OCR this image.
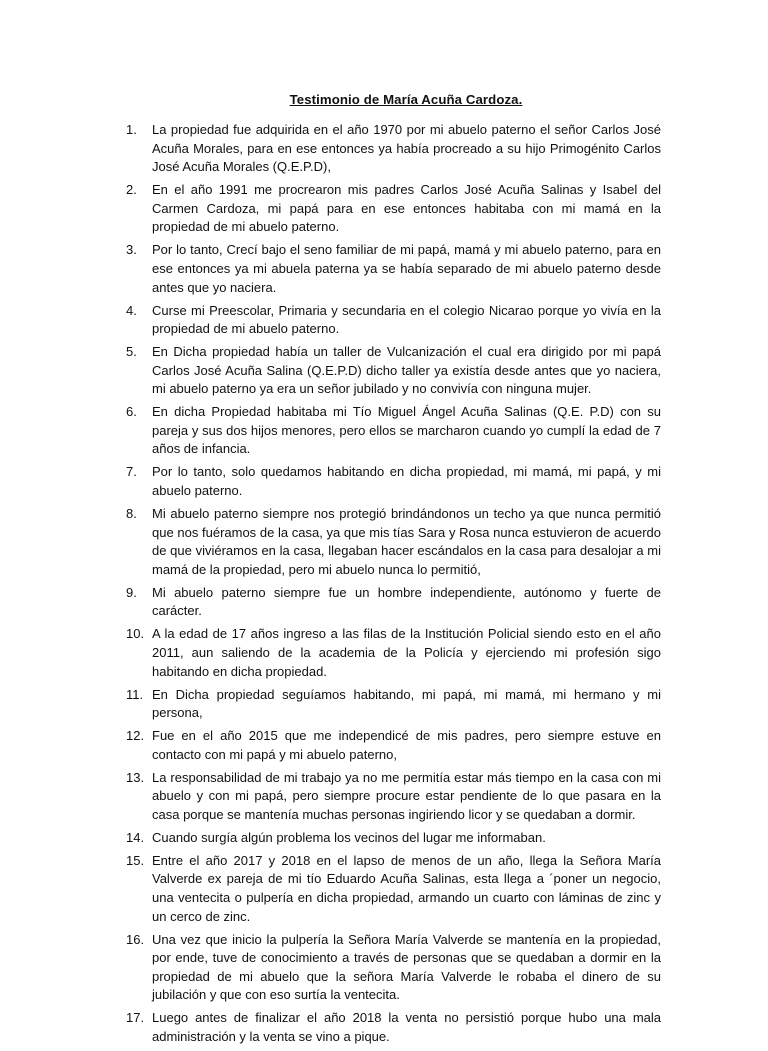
Testimonio de María Acuña Cardoza.
1.	La propiedad fue adquirida en el año 1970 por mi abuelo paterno el señor Carlos José Acuña Morales, para en ese entonces ya había procreado a su hijo Primogénito Carlos José Acuña Morales (Q.E.P.D),
2.	En el año 1991 me procrearon mis padres Carlos José Acuña Salinas y Isabel del Carmen Cardoza, mi papá para en ese entonces habitaba con mi mamá en la propiedad de mi abuelo paterno.
3.	Por lo tanto, Crecí bajo el seno familiar de mi papá, mamá y mi abuelo paterno, para en ese entonces ya mi abuela paterna ya se había separado de mi abuelo paterno desde antes que yo naciera.
4.	Curse mi Preescolar, Primaria y secundaria en el colegio Nicarao porque yo vivía en la propiedad de mi abuelo paterno.
5.	En Dicha propiedad había un taller de Vulcanización el cual era dirigido por mi papá Carlos José Acuña Salina (Q.E.P.D) dicho taller ya existía desde antes que yo naciera, mi abuelo paterno ya era un señor jubilado y no convivía con ninguna mujer.
6.	En dicha Propiedad habitaba mi Tío Miguel Ángel Acuña Salinas (Q.E. P.D) con su pareja y sus dos hijos menores, pero ellos se marcharon cuando yo cumplí la edad de 7 años de infancia.
7.	Por lo tanto, solo quedamos habitando en dicha propiedad, mi mamá, mi papá, y mi abuelo paterno.
8.	Mi abuelo paterno siempre nos protegió brindándonos un techo ya que nunca permitió que nos fuéramos de la casa, ya que mis tías Sara y Rosa nunca estuvieron de acuerdo de que viviéramos en la casa, llegaban hacer escándalos en la casa para desalojar a mi mamá de la propiedad, pero mi abuelo nunca lo permitió,
9.	Mi abuelo paterno siempre fue un hombre independiente, autónomo y fuerte de carácter.
10. A la edad de 17 años ingreso a las filas de la Institución Policial siendo esto en el año 2011, aun saliendo de la academia de la Policía y ejerciendo mi profesión sigo habitando en dicha propiedad.
11. En Dicha propiedad seguíamos habitando, mi papá, mi mamá, mi hermano y mi persona,
12. Fue en el año 2015 que me independicé de mis padres, pero siempre estuve en contacto con mi papá y mi abuelo paterno,
13. La responsabilidad de mi trabajo ya no me permitía estar más tiempo en la casa con mi abuelo y con mi papá, pero siempre procure estar pendiente de lo que pasara en la casa porque se mantenía muchas personas ingiriendo licor y se quedaban a dormir.
14. Cuando surgía algún problema los vecinos del lugar me informaban.
15. Entre el año 2017 y 2018 en el lapso de menos de un año, llega la Señora María Valverde ex pareja de mi tío Eduardo Acuña Salinas, esta llega a ´poner un negocio, una ventecita o pulpería en dicha propiedad, armando un cuarto con láminas de zinc y un cerco de zinc.
16. Una vez que inicio la pulpería la Señora María Valverde se mantenía en la propiedad, por ende, tuve de conocimiento a través de personas que se quedaban a dormir en la propiedad de mi abuelo que la señora María Valverde le robaba el dinero de su jubilación y que con eso surtía la ventecita.
17. Luego antes de finalizar el año 2018 la venta no persistió porque hubo una mala administración y la venta se vino a pique.
